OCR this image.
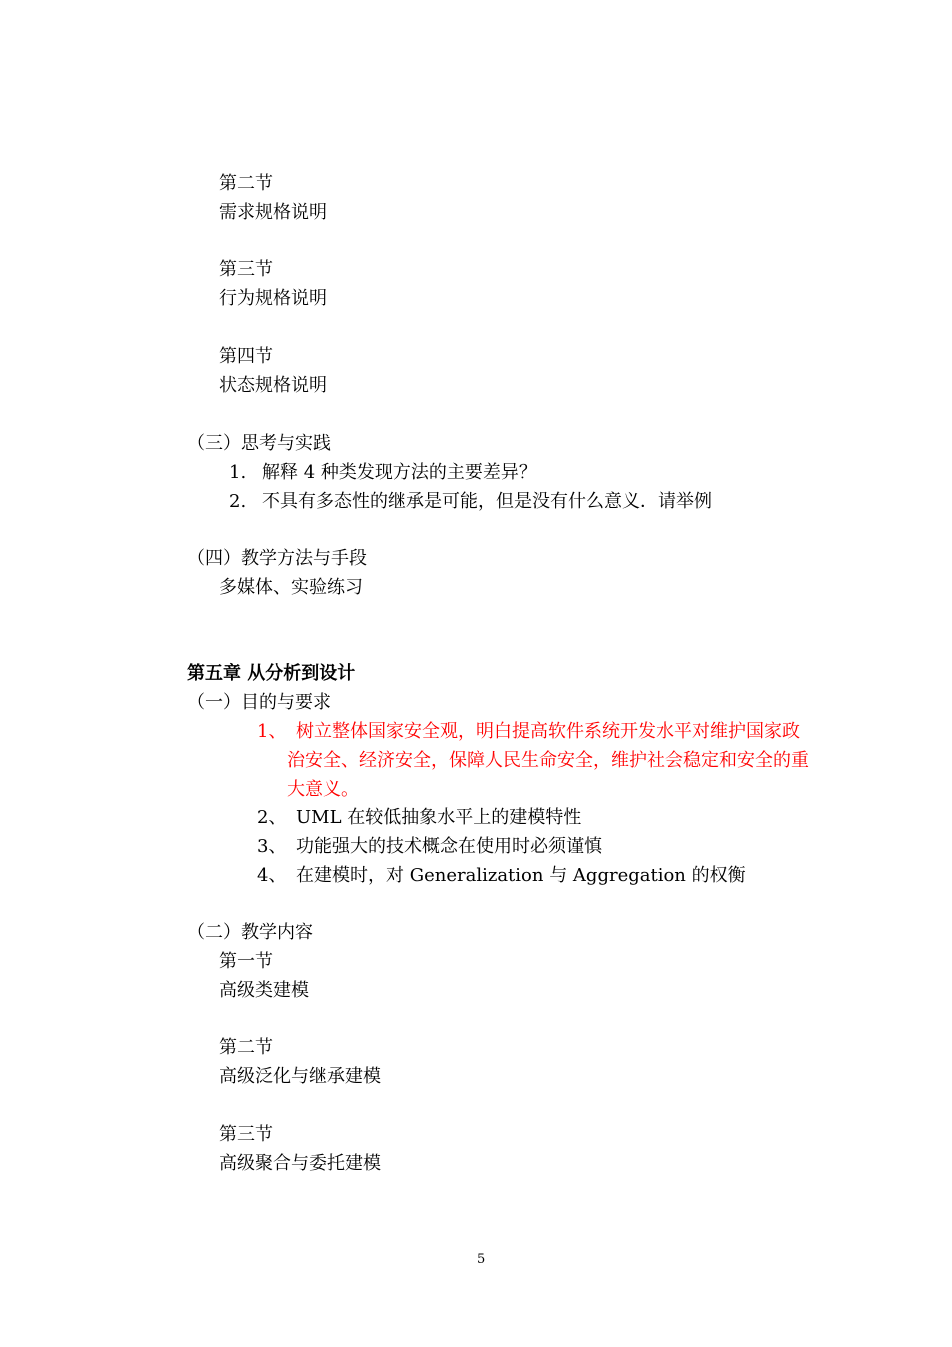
第二节
需求规格说明
第三节
行为规格说明
第四节
状态规格说明
（三）思考与实践
1. 解释 4 种类发现方法的主要差异？
2. 不具有多态性的继承是可能，但是没有什么意义．请举例
（四）教学方法与手段
多媒体、实验练习
第五章 从分析到设计
（一）目的与要求
1、 树立整体国家安全观，明白提高软件系统开发水平对维护国家政
治安全、经济安全，保障人民生命安全，维护社会稳定和安全的重
大意义。
2、 UML 在较低抽象水平上的建模特性
3、 功能强大的技术概念在使用时必须谨慎
4、 在建模时，对 Generalization 与 Aggregation 的权衡
（二）教学内容
第一节
高级类建模
第二节
高级泛化与继承建模
第三节
高级聚合与委托建模
5
